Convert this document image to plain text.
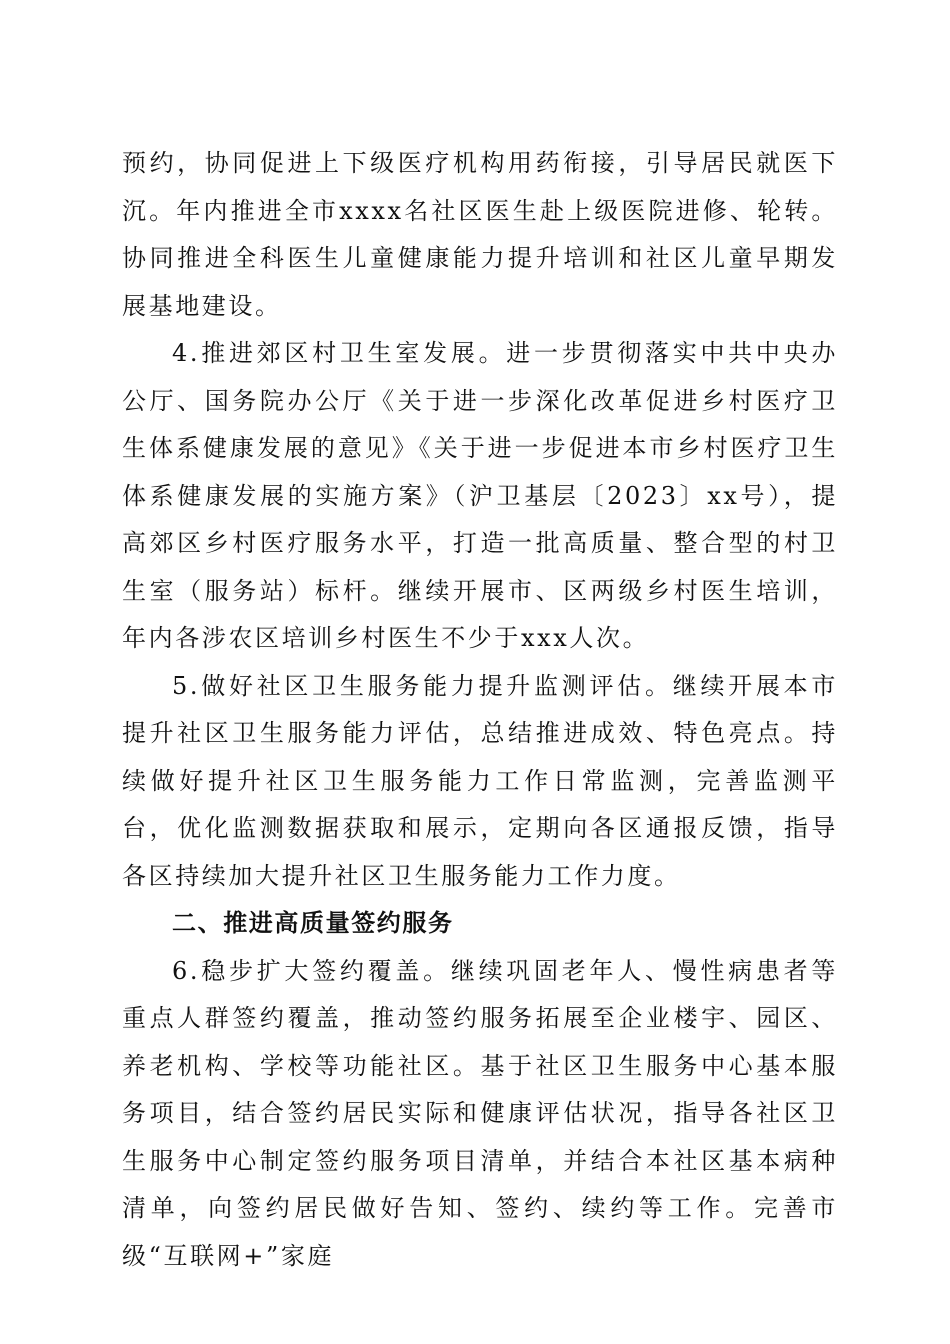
预约，协同促进上下级医疗机构用药衔接，引导居民就医下沉。年内推进全市xxxx名社区医生赴上级医院进修、轮转。协同推进全科医生儿童健康能力提升培训和社区儿童早期发展基地建设。

4.推进郊区村卫生室发展。进一步贯彻落实中共中央办公厅、国务院办公厅《关于进一步深化改革促进乡村医疗卫生体系健康发展的意见》《关于进一步促进本市乡村医疗卫生体系健康发展的实施方案》（沪卫基层〔2023〕xx号），提高郊区乡村医疗服务水平，打造一批高质量、整合型的村卫生室（服务站）标杆。继续开展市、区两级乡村医生培训，年内各涉农区培训乡村医生不少于xxx人次。

5.做好社区卫生服务能力提升监测评估。继续开展本市提升社区卫生服务能力评估，总结推进成效、特色亮点。持续做好提升社区卫生服务能力工作日常监测，完善监测平台，优化监测数据获取和展示，定期向各区通报反馈，指导各区持续加大提升社区卫生服务能力工作力度。

二、推进高质量签约服务

6.稳步扩大签约覆盖。继续巩固老年人、慢性病患者等重点人群签约覆盖，推动签约服务拓展至企业楼宇、园区、养老机构、学校等功能社区。基于社区卫生服务中心基本服务项目，结合签约居民实际和健康评估状况，指导各社区卫生服务中心制定签约服务项目清单，并结合本社区基本病种清单，向签约居民做好告知、签约、续约等工作。完善市级“互联网+”家庭
